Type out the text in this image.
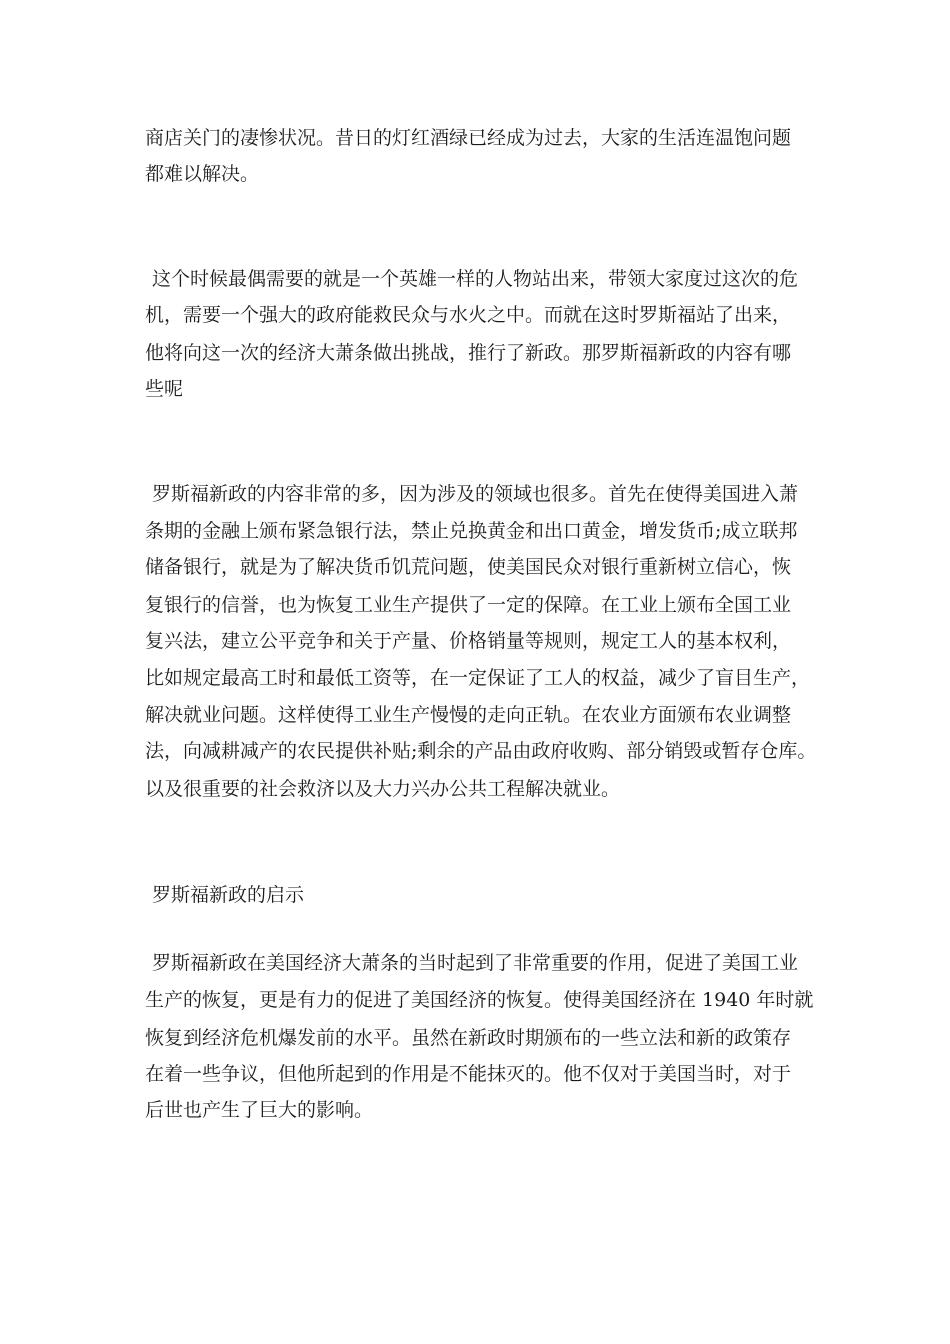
商店关门的凄惨状况。昔日的灯红酒绿已经成为过去，大家的生活连温饱问题
都难以解决。
这个时候最偶需要的就是一个英雄一样的人物站出来，带领大家度过这次的危
机，需要一个强大的政府能救民众与水火之中。而就在这时罗斯福站了出来，
他将向这一次的经济大萧条做出挑战，推行了新政。那罗斯福新政的内容有哪
些呢
罗斯福新政的内容非常的多，因为涉及的领域也很多。首先在使得美国进入萧
条期的金融上颁布紧急银行法，禁止兑换黄金和出口黄金，增发货币;成立联邦
储备银行，就是为了解决货币饥荒问题，使美国民众对银行重新树立信心，恢
复银行的信誉，也为恢复工业生产提供了一定的保障。在工业上颁布全国工业
复兴法，建立公平竞争和关于产量、价格销量等规则，规定工人的基本权利，
比如规定最高工时和最低工资等，在一定保证了工人的权益，减少了盲目生产，
解决就业问题。这样使得工业生产慢慢的走向正轨。在农业方面颁布农业调整
法，向减耕减产的农民提供补贴;剩余的产品由政府收购、部分销毁或暂存仓库。
以及很重要的社会救济以及大力兴办公共工程解决就业。
罗斯福新政的启示
罗斯福新政在美国经济大萧条的当时起到了非常重要的作用，促进了美国工业
生产的恢复，更是有力的促进了美国经济的恢复。使得美国经济在 1940 年时就
恢复到经济危机爆发前的水平。虽然在新政时期颁布的一些立法和新的政策存
在着一些争议，但他所起到的作用是不能抹灭的。他不仅对于美国当时，对于
后世也产生了巨大的影响。
